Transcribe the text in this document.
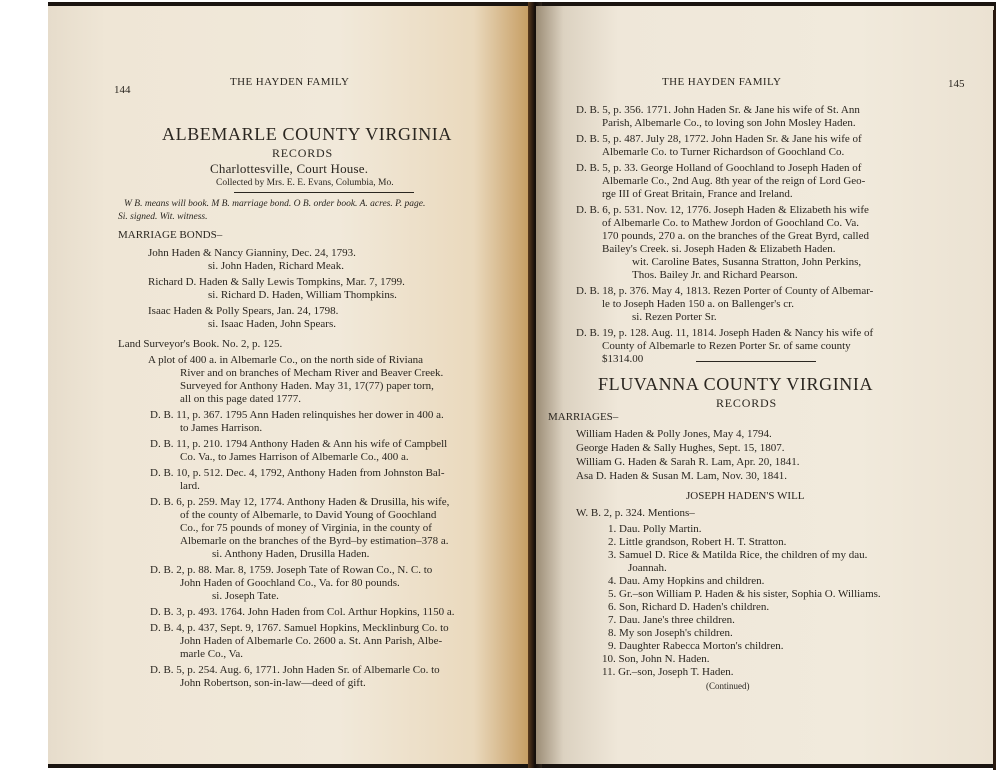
144
THE HAYDEN FAMILY
ALBEMARLE COUNTY VIRGINIA
RECORDS
Charlottesville, Court House.
Collected by Mrs. E. E. Evans, Columbia, Mo.
W B. means will book. M B. marriage bond. O B. order book. A. acres. P. page.
Si. signed. Wit. witness.
MARRIAGE BONDS–
John Haden & Nancy Gianniny, Dec. 24, 1793.
si. John Haden, Richard Meak.
Richard D. Haden & Sally Lewis Tompkins, Mar. 7, 1799.
si. Richard D. Haden, William Thompkins.
Isaac Haden & Polly Spears, Jan. 24, 1798.
si. Isaac Haden, John Spears.
Land Surveyor's Book. No. 2, p. 125.
A plot of 400 a. in Albemarle Co., on the north side of Riviana
River and on branches of Mecham River and Beaver Creek.
Surveyed for Anthony Haden. May 31, 17(77) paper torn,
all on this page dated 1777.
D. B. 11, p. 367. 1795 Ann Haden relinquishes her dower in 400 a.
to James Harrison.
D. B. 11, p. 210. 1794 Anthony Haden & Ann his wife of Campbell
Co. Va., to James Harrison of Albemarle Co., 400 a.
D. B. 10, p. 512. Dec. 4, 1792, Anthony Haden from Johnston Bal-
lard.
D. B. 6, p. 259. May 12, 1774. Anthony Haden & Drusilla, his wife,
of the county of Albemarle, to David Young of Goochland
Co., for 75 pounds of money of Virginia, in the county of
Albemarle on the branches of the Byrd–by estimation–378 a.
si. Anthony Haden, Drusilla Haden.
D. B. 2, p. 88. Mar. 8, 1759. Joseph Tate of Rowan Co., N. C. to
John Haden of Goochland Co., Va. for 80 pounds.
si. Joseph Tate.
D. B. 3, p. 493. 1764. John Haden from Col. Arthur Hopkins, 1150 a.
D. B. 4, p. 437, Sept. 9, 1767. Samuel Hopkins, Mecklinburg Co. to
John Haden of Albemarle Co. 2600 a. St. Ann Parish, Albe-
marle Co., Va.
D. B. 5, p. 254. Aug. 6, 1771. John Haden Sr. of Albemarle Co. to
John Robertson, son-in-law—deed of gift.
THE HAYDEN FAMILY	145
D. B. 5, p. 356. 1771. John Haden Sr. & Jane his wife of St. Ann
Parish, Albemarle Co., to loving son John Mosley Haden.
D. B. 5, p. 487. July 28, 1772. John Haden Sr. & Jane his wife of
Albemarle Co. to Turner Richardson of Goochland Co.
D. B. 5, p. 33. George Holland of Goochland to Joseph Haden of
Albemarle Co., 2nd Aug. 8th year of the reign of Lord Geo-
rge III of Great Britain, France and Ireland.
D. B. 6, p. 531. Nov. 12, 1776. Joseph Haden & Elizabeth his wife
of Albemarle Co. to Mathew Jordon of Goochland Co. Va.
170 pounds, 270 a. on the branches of the Great Byrd, called
Bailey's Creek. si. Joseph Haden & Elizabeth Haden.
wit. Caroline Bates, Susanna Stratton, John Perkins,
Thos. Bailey Jr. and Richard Pearson.
D. B. 18, p. 376. May 4, 1813. Rezen Porter of County of Albemar-
le to Joseph Haden 150 a. on Ballenger's cr.
si. Rezen Porter Sr.
D. B. 19, p. 128. Aug. 11, 1814. Joseph Haden & Nancy his wife of
County of Albemarle to Rezen Porter Sr. of same county
$1314.00
FLUVANNA COUNTY VIRGINIA
RECORDS
MARRIAGES–
William Haden & Polly Jones, May 4, 1794.
George Haden & Sally Hughes, Sept. 15, 1807.
William G. Haden & Sarah R. Lam, Apr. 20, 1841.
Asa D. Haden & Susan M. Lam, Nov. 30, 1841.
JOSEPH HADEN'S WILL
W. B. 2, p. 324. Mentions–
1. Dau. Polly Martin.
2. Little grandson, Robert H. T. Stratton.
3. Samuel D. Rice & Matilda Rice, the children of my dau.
Joannah.
4. Dau. Amy Hopkins and children.
5. Gr.–son William P. Haden & his sister, Sophia O. Williams.
6. Son, Richard D. Haden's children.
7. Dau. Jane's three children.
8. My son Joseph's children.
9. Daughter Rabecca Morton's children.
10. Son, John N. Haden.
11. Gr.–son, Joseph T. Haden.
(Continued)
